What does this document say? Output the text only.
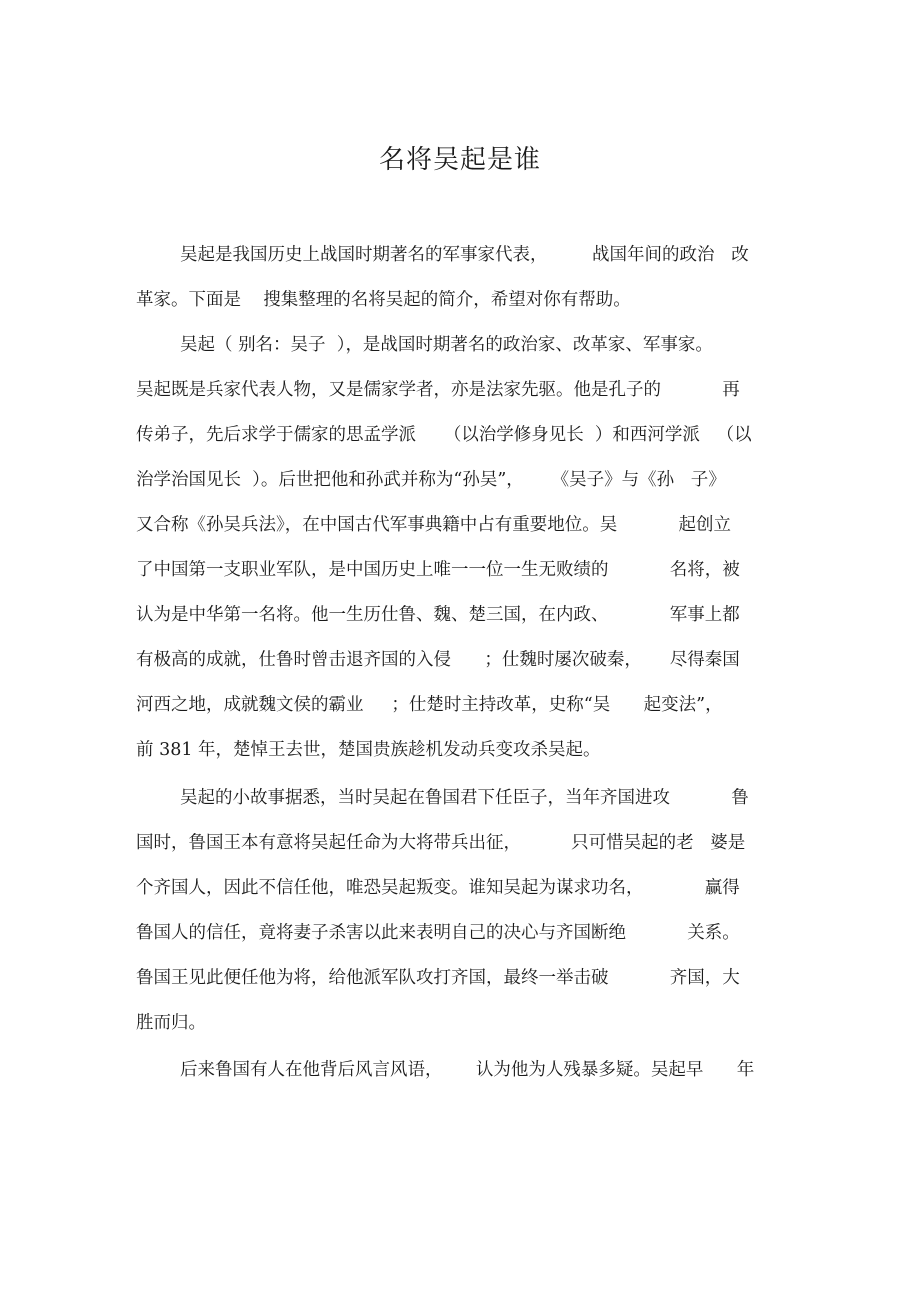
名将吴起是谁

吴起是我国历史上战国时期著名的军事家代表，        战国年间的政治   改

革家。下面是    搜集整理的名将吴起的简介，希望对你有帮助。

吴起（ 别名：吴子  ），是战国时期著名的政治家、改革家、军事家。

吴起既是兵家代表人物，又是儒家学者，亦是法家先驱。他是孔子的           再

传弟子，先后求学于儒家的思孟学派     （以治学修身见长  ）和西河学派   （以

治学治国见长  ）。后世把他和孙武并称为“孙吴”，     《吴子》与《孙   子》

又合称《孙吴兵法》，在中国古代军事典籍中占有重要地位。吴           起创立

了中国第一支职业军队，是中国历史上唯一一位一生无败绩的           名将，被

认为是中华第一名将。他一生历仕鲁、魏、楚三国，在内政、           军事上都

有极高的成就，仕鲁时曾击退齐国的入侵      ；仕魏时屡次破秦，     尽得秦国

河西之地，成就魏文侯的霸业     ；仕楚时主持改革，史称“吴      起变法”，

前 381 年，楚悼王去世，楚国贵族趁机发动兵变攻杀吴起。

吴起的小故事据悉，当时吴起在鲁国君下任臣子，当年齐国进攻           鲁

国时，鲁国王本有意将吴起任命为大将带兵出征，         只可惜吴起的老   婆是

个齐国人，因此不信任他，唯恐吴起叛变。谁知吴起为谋求功名，           赢得

鲁国人的信任，竟将妻子杀害以此来表明自己的决心与齐国断绝           关系。

鲁国王见此便任他为将，给他派军队攻打齐国，最终一举击破           齐国，大

胜而归。

后来鲁国有人在他背后风言风语，      认为他为人残暴多疑。吴起早      年
